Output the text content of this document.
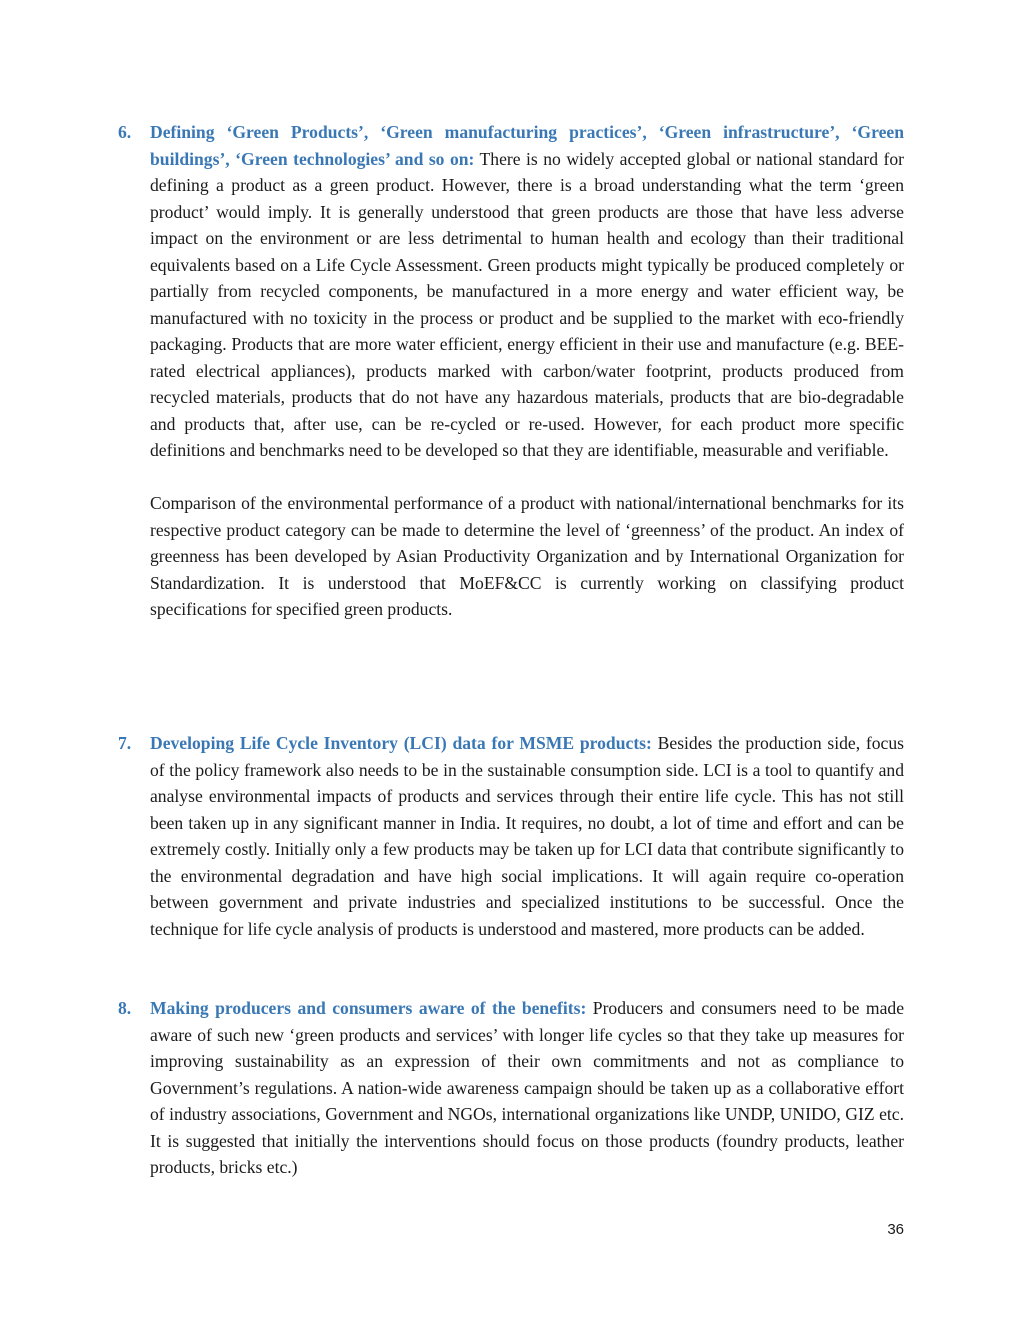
6. Defining ‘Green Products’, ‘Green manufacturing practices’, ‘Green infrastructure’, ‘Green buildings’, ‘Green technologies’ and so on: There is no widely accepted global or national standard for defining a product as a green product. However, there is a broad understanding what the term ‘green product’ would imply. It is generally understood that green products are those that have less adverse impact on the environment or are less detrimental to human health and ecology than their traditional equivalents based on a Life Cycle Assessment. Green products might typically be produced completely or partially from recycled components, be manufactured in a more energy and water efficient way, be manufactured with no toxicity in the process or product and be supplied to the market with eco-friendly packaging. Products that are more water efficient, energy efficient in their use and manufacture (e.g. BEE-rated electrical appliances), products marked with carbon/water footprint, products produced from recycled materials, products that do not have any hazardous materials, products that are bio-degradable and products that, after use, can be re-cycled or re-used. However, for each product more specific definitions and benchmarks need to be developed so that they are identifiable, measurable and verifiable.

Comparison of the environmental performance of a product with national/international benchmarks for its respective product category can be made to determine the level of ‘greenness’ of the product. An index of greenness has been developed by Asian Productivity Organization and by International Organization for Standardization. It is understood that MoEF&CC is currently working on classifying product specifications for specified green products.

7. Developing Life Cycle Inventory (LCI) data for MSME products: Besides the production side, focus of the policy framework also needs to be in the sustainable consumption side. LCI is a tool to quantify and analyse environmental impacts of products and services through their entire life cycle. This has not still been taken up in any significant manner in India. It requires, no doubt, a lot of time and effort and can be extremely costly. Initially only a few products may be taken up for LCI data that contribute significantly to the environmental degradation and have high social implications. It will again require co-operation between government and private industries and specialized institutions to be successful. Once the technique for life cycle analysis of products is understood and mastered, more products can be added.

8. Making producers and consumers aware of the benefits: Producers and consumers need to be made aware of such new ‘green products and services’ with longer life cycles so that they take up measures for improving sustainability as an expression of their own commitments and not as compliance to Government’s regulations. A nation-wide awareness campaign should be taken up as a collaborative effort of industry associations, Government and NGOs, international organizations like UNDP, UNIDO, GIZ etc. It is suggested that initially the interventions should focus on those products (foundry products, leather products, bricks etc.)

36
